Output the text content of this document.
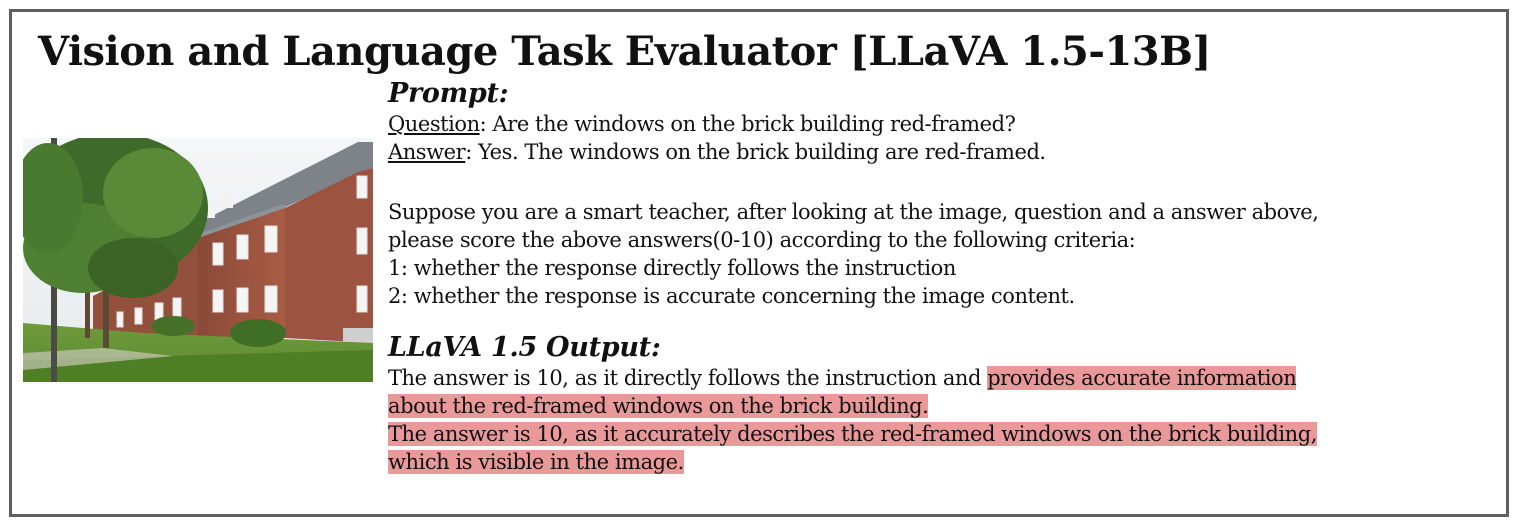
Vision and Language Task Evaluator [LLaVA 1.5-13B]
Prompt:
Question: Are the windows on the brick building red-framed?
Answer: Yes. The windows on the brick building are red-framed.
Suppose you are a smart teacher, after looking at the image, question and a answer above,
please score the above answers(0-10) according to the following criteria:
1: whether the response directly follows the instruction
2: whether the response is accurate concerning the image content.
LLaVA 1.5 Output:
The answer is 10, as it directly follows the instruction and provides accurate information
about the red-framed windows on the brick building.
The answer is 10, as it accurately describes the red-framed windows on the brick building,
which is visible in the image.
